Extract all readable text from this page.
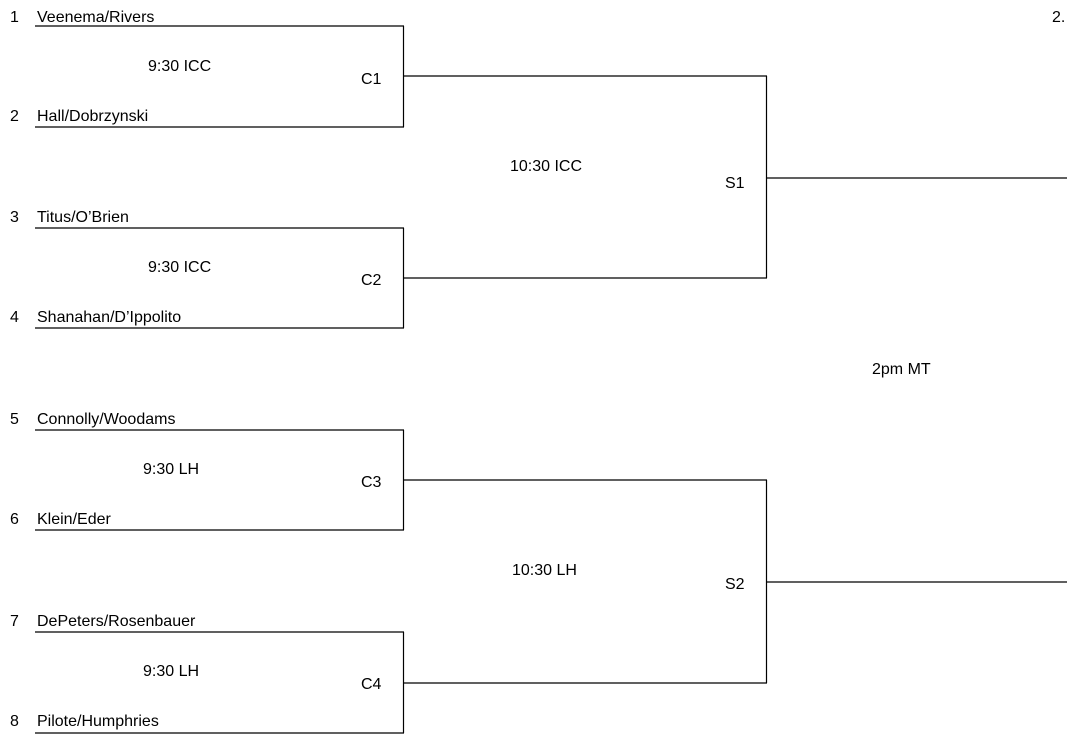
2.
1
2
3
4
5
6
7
8
Veenema/Rivers
Hall/Dobrzynski
Titus/O’Brien
Shanahan/D’Ippolito
Connolly/Woodams
Klein/Eder
DePeters/Rosenbauer
Pilote/Humphries
9:30 ICC
9:30 ICC
9:30 LH
9:30 LH
C1
C2
C3
C4
10:30 ICC
10:30 LH
S1
S2
2pm MT
